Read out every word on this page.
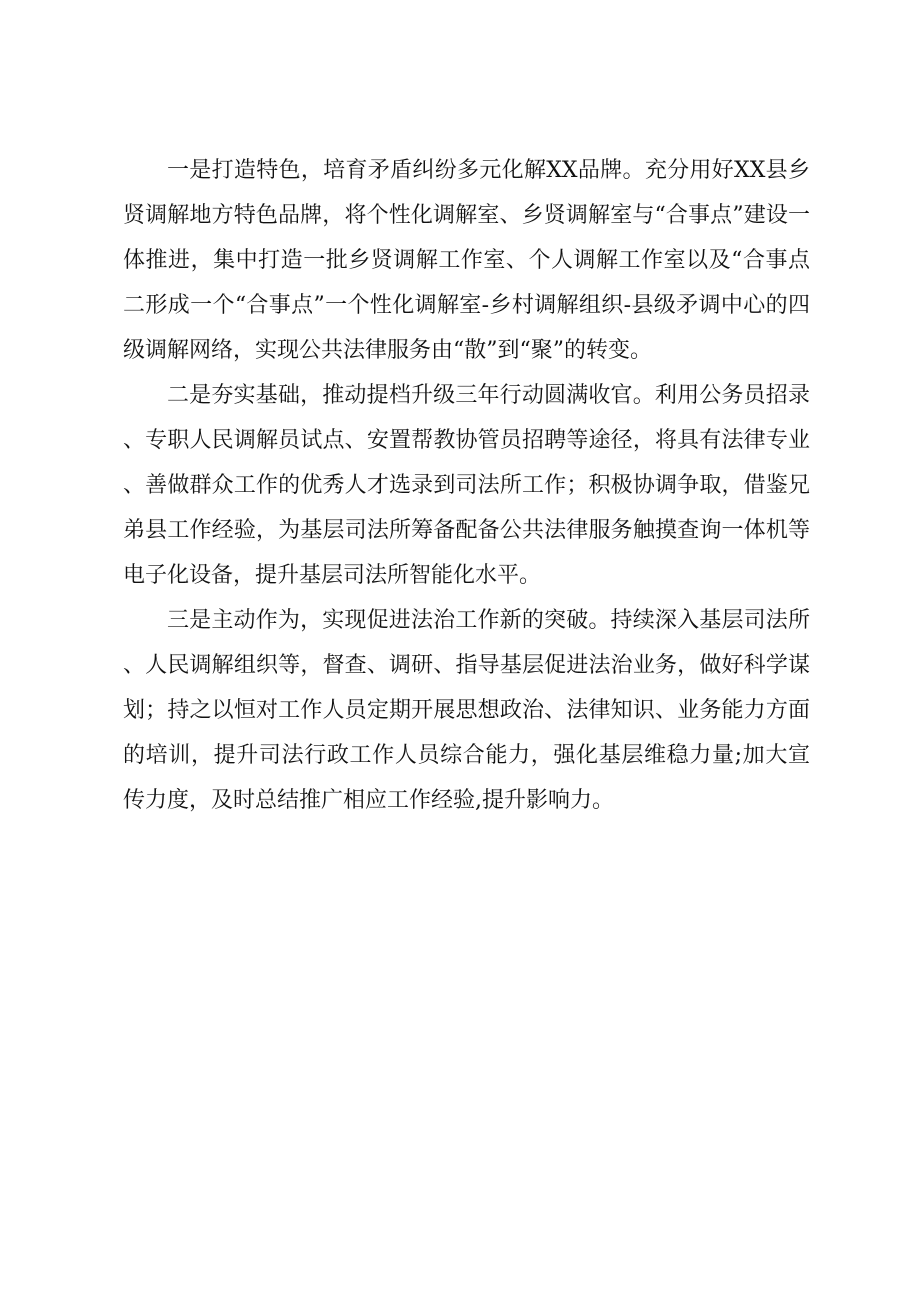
一是打造特色，培育矛盾纠纷多元化解XX品牌。充分用好XX县乡贤调解地方特色品牌，将个性化调解室、乡贤调解室与“合事点”建设一体推进，集中打造一批乡贤调解工作室、个人调解工作室以及“合事点二形成一个“合事点”一个性化调解室-乡村调解组织-县级矛调中心的四级调解网络，实现公共法律服务由“散”到“聚”的转变。

二是夯实基础，推动提档升级三年行动圆满收官。利用公务员招录、专职人民调解员试点、安置帮教协管员招聘等途径，将具有法律专业、善做群众工作的优秀人才选录到司法所工作；积极协调争取，借鉴兄弟县工作经验，为基层司法所筹备配备公共法律服务触摸查询一体机等电子化设备，提升基层司法所智能化水平。

三是主动作为，实现促进法治工作新的突破。持续深入基层司法所、人民调解组织等，督查、调研、指导基层促进法治业务，做好科学谋划；持之以恒对工作人员定期开展思想政治、法律知识、业务能力方面的培训，提升司法行政工作人员综合能力，强化基层维稳力量;加大宣传力度，及时总结推广相应工作经验,提升影响力。
